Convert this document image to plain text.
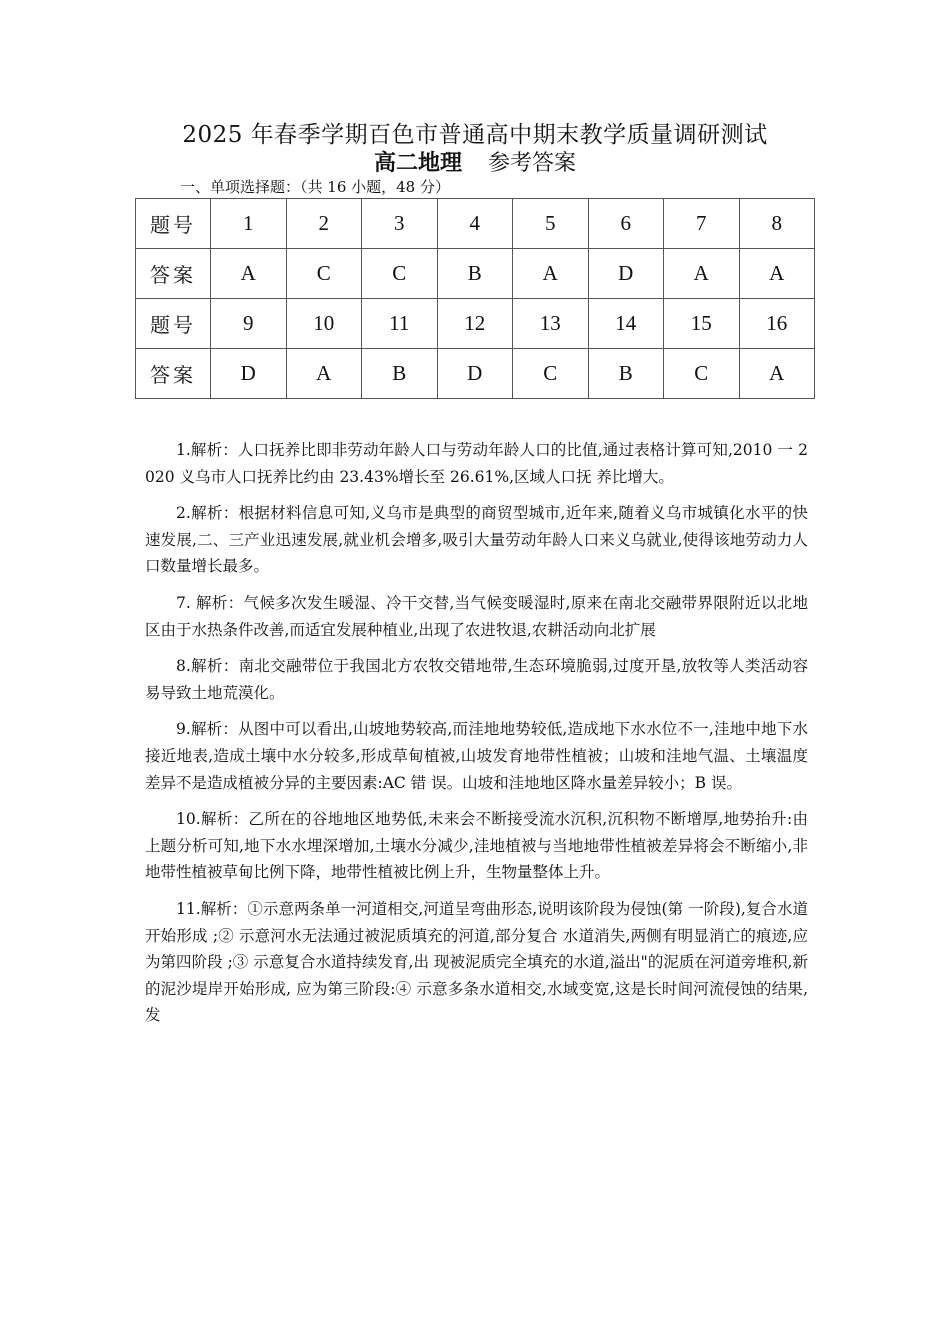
2025 年春季学期百色市普通高中期末教学质量调研测试
高二地理 参考答案
一、单项选择题：（共 16 小题，48 分）
题号	1	2	3	4	5	6	7	8
答案	A	C	C	B	A	D	A	A
题号	9	10	11	12	13	14	15	16
答案	D	A	B	D	C	B	C	A

1.解析：人口抚养比即非劳动年龄人口与劳动年龄人口的比值,通过表格计算可知,2010 一 2020 义乌市人口抚养比约由 23.43%增长至 26.61%,区域人口抚 养比增大。

2.解析：根据材料信息可知,义乌市是典型的商贸型城市,近年来,随着义乌市城镇化水平的快速发展,二、三产业迅速发展,就业机会增多,吸引大量劳动年龄人口来义乌就业,使得该地劳动力人口数量增长最多。

7. 解析：气候多次发生暖湿、冷干交替,当气候变暖湿时,原来在南北交融带界限附近以北地区由于水热条件改善,而适宜发展种植业,出现了农进牧退,农耕活动向北扩展

8.解析：南北交融带位于我国北方农牧交错地带,生态环境脆弱,过度开垦,放牧等人类活动容易导致土地荒漠化。

9.解析：从图中可以看出,山坡地势较高,而洼地地势较低,造成地下水水位不一,洼地中地下水接近地表,造成土壤中水分较多,形成草甸植被,山坡发育地带性植被；山坡和洼地气温、土壤温度差异不是造成植被分异的主要因素:AC 错 误。山坡和洼地地区降水量差异较小；B 误。

10.解析：乙所在的谷地地区地势低,未来会不断接受流水沉积,沉积物不断增厚,地势抬升:由上题分析可知,地下水水埋深增加,土壤水分减少,洼地植被与当地地带性植被差异将会不断缩小,非地带性植被草甸比例下降，地带性植被比例上升，生物量整体上升。

11.解析：①示意两条单一河道相交,河道呈弯曲形态,说明该阶段为侵蚀(第 一阶段),复合水道开始形成 ;② 示意河水无法通过被泥质填充的河道,部分复合 水道消失,两侧有明显消亡的痕迹,应为第四阶段 ;③ 示意复合水道持续发育,出 现被泥质完全填充的水道,溢出"的泥质在河道旁堆积,新的泥沙堤岸开始形成, 应为第三阶段:④ 示意多条水道相交,水域变宽,这是长时间河流侵蚀的结果,发
